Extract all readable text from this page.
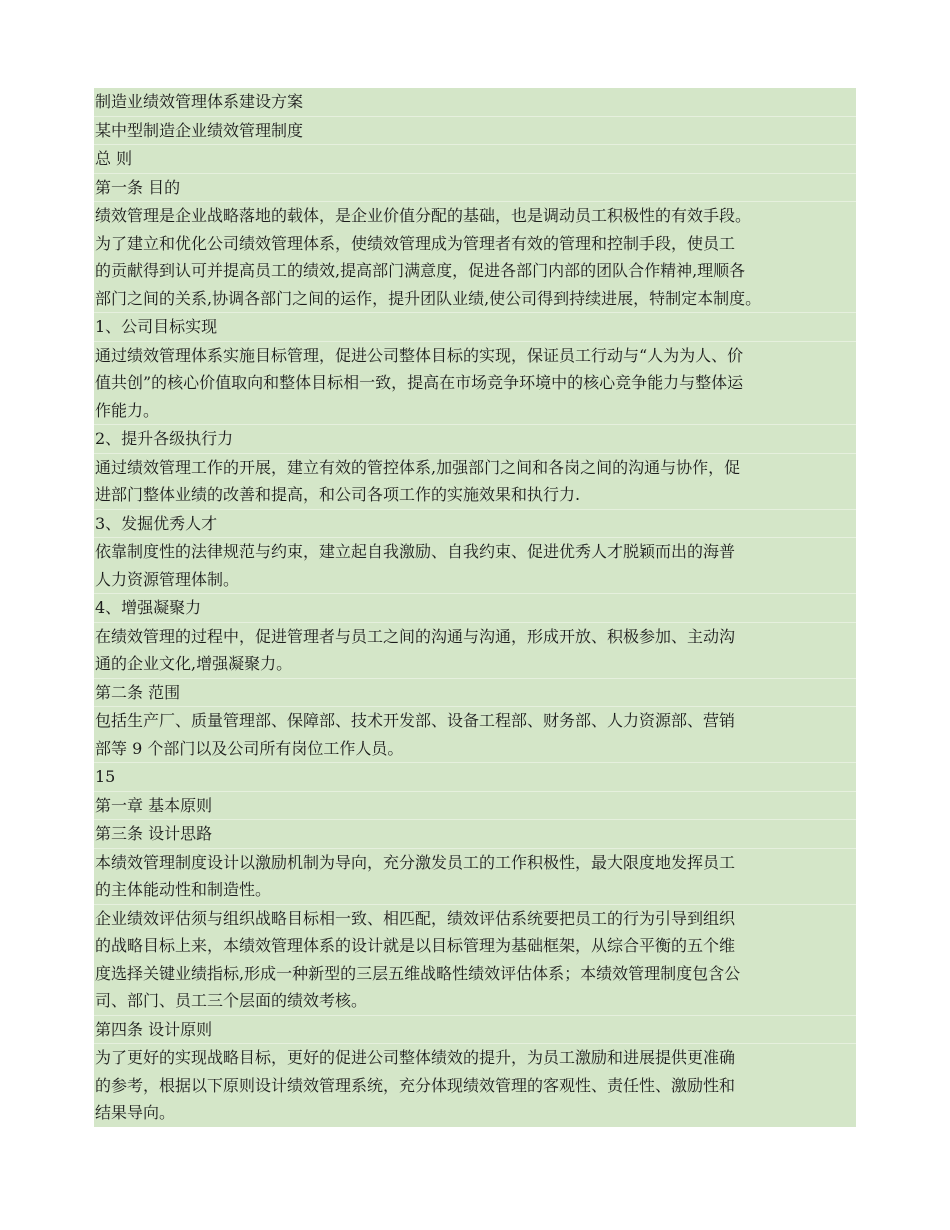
制造业绩效管理体系建设方案
某中型制造企业绩效管理制度
总 则
第一条 目的
绩效管理是企业战略落地的载体，是企业价值分配的基础，也是调动员工积极性的有效手段。
为了建立和优化公司绩效管理体系，使绩效管理成为管理者有效的管理和控制手段，使员工
的贡献得到认可并提高员工的绩效,提高部门满意度，促进各部门内部的团队合作精神,理顺各
部门之间的关系,协调各部门之间的运作，提升团队业绩,使公司得到持续进展，特制定本制度。
1、公司目标实现
通过绩效管理体系实施目标管理，促进公司整体目标的实现，保证员工行动与“人为为人、价
值共创”的核心价值取向和整体目标相一致，提高在市场竞争环境中的核心竞争能力与整体运
作能力。
2、提升各级执行力
通过绩效管理工作的开展，建立有效的管控体系,加强部门之间和各岗之间的沟通与协作，促
进部门整体业绩的改善和提高，和公司各项工作的实施效果和执行力.
3、发掘优秀人才
依靠制度性的法律规范与约束，建立起自我激励、自我约束、促进优秀人才脱颖而出的海普
人力资源管理体制。
4、增强凝聚力
在绩效管理的过程中，促进管理者与员工之间的沟通与沟通，形成开放、积极参加、主动沟
通的企业文化,增强凝聚力。
第二条 范围
包括生产厂、质量管理部、保障部、技术开发部、设备工程部、财务部、人力资源部、营销
部等 9 个部门以及公司所有岗位工作人员。
15
第一章 基本原则
第三条 设计思路
本绩效管理制度设计以激励机制为导向，充分激发员工的工作积极性，最大限度地发挥员工
的主体能动性和制造性。
企业绩效评估须与组织战略目标相一致、相匹配，绩效评估系统要把员工的行为引导到组织
的战略目标上来，本绩效管理体系的设计就是以目标管理为基础框架，从综合平衡的五个维
度选择关键业绩指标,形成一种新型的三层五维战略性绩效评估体系；本绩效管理制度包含公
司、部门、员工三个层面的绩效考核。
第四条 设计原则
为了更好的实现战略目标，更好的促进公司整体绩效的提升，为员工激励和进展提供更准确
的参考，根据以下原则设计绩效管理系统，充分体现绩效管理的客观性、责任性、激励性和
结果导向。
